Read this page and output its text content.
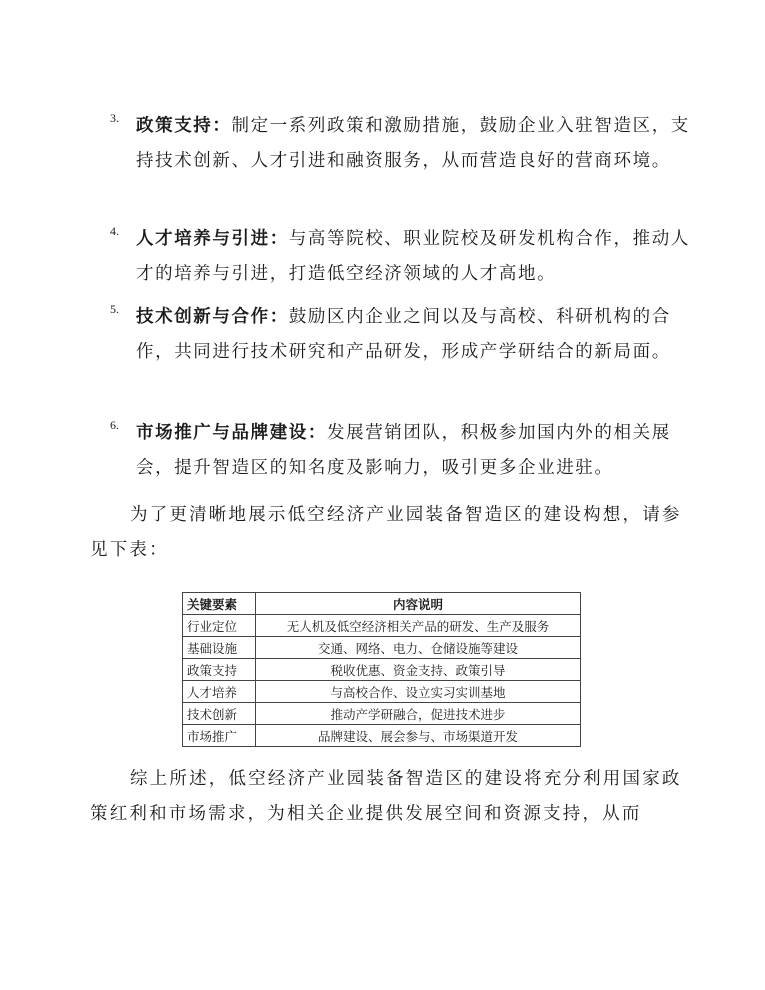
3. 政策支持：制定一系列政策和激励措施，鼓励企业入驻智造区，支持技术创新、人才引进和融资服务，从而营造良好的营商环境。
4. 人才培养与引进：与高等院校、职业院校及研发机构合作，推动人才的培养与引进，打造低空经济领域的人才高地。
5. 技术创新与合作：鼓励区内企业之间以及与高校、科研机构的合作，共同进行技术研究和产品研发，形成产学研结合的新局面。
6. 市场推广与品牌建设：发展营销团队，积极参加国内外的相关展会，提升智造区的知名度及影响力，吸引更多企业进驻。
为了更清晰地展示低空经济产业园装备智造区的建设构想，请参见下表：
关键要素	内容说明
行业定位	无人机及低空经济相关产品的研发、生产及服务
基础设施	交通、网络、电力、仓储设施等建设
政策支持	税收优惠、资金支持、政策引导
人才培养	与高校合作、设立实习实训基地
技术创新	推动产学研融合，促进技术进步
市场推广	品牌建设、展会参与、市场渠道开发
综上所述，低空经济产业园装备智造区的建设将充分利用国家政策红利和市场需求，为相关企业提供发展空间和资源支持，从而
